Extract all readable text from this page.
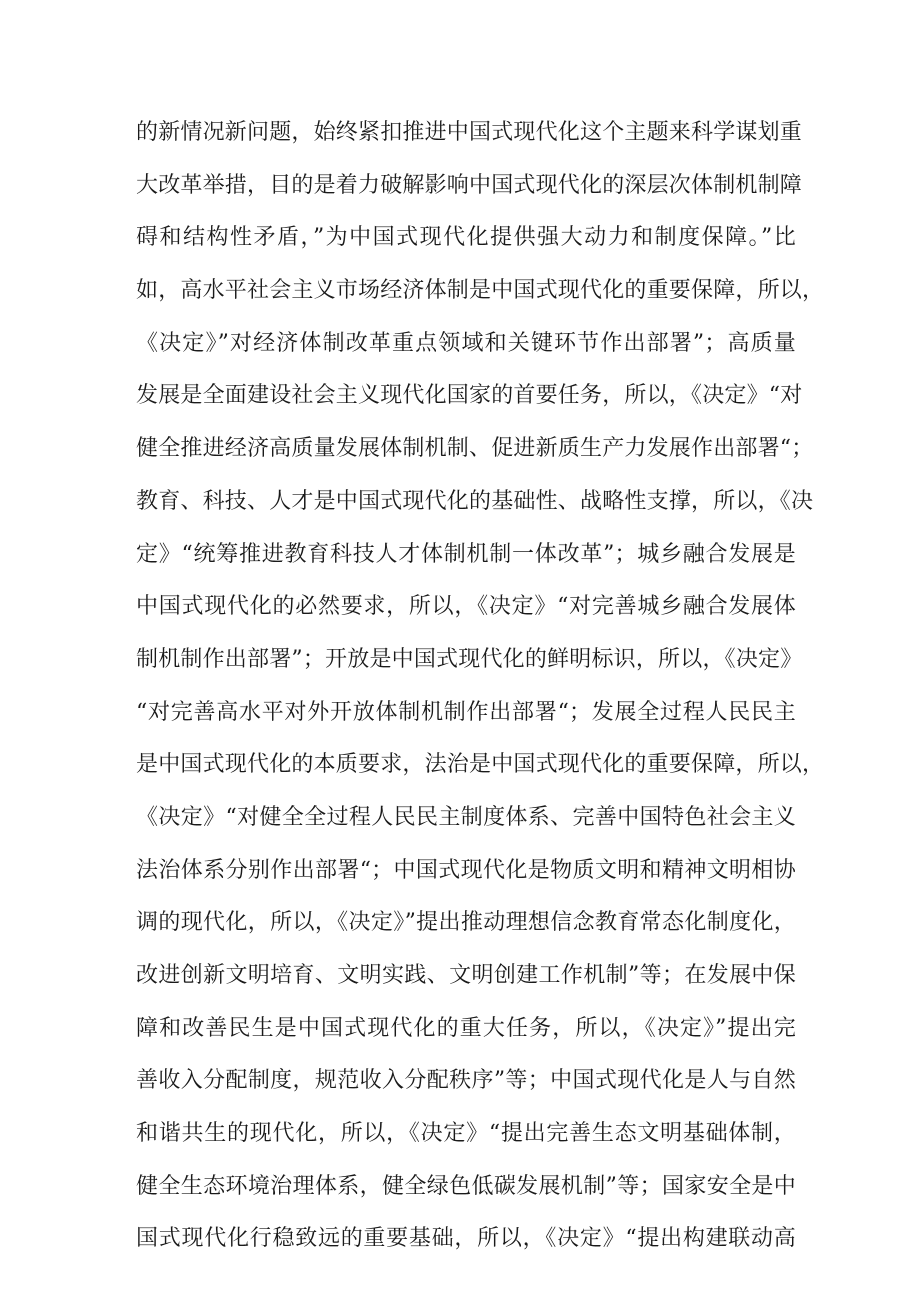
的新情况新问题，始终紧扣推进中国式现代化这个主题来科学谋划重
大改革举措，目的是着力破解影响中国式现代化的深层次体制机制障
碍和结构性矛盾，”为中国式现代化提供强大动力和制度保障。”比
如，高水平社会主义市场经济体制是中国式现代化的重要保障，所以，
《决定》”对经济体制改革重点领域和关键环节作出部署”；高质量
发展是全面建设社会主义现代化国家的首要任务，所以，《决定》“对
健全推进经济高质量发展体制机制、促进新质生产力发展作出部署“；
教育、科技、人才是中国式现代化的基础性、战略性支撑，所以，《决
定》“统筹推进教育科技人才体制机制一体改革”；城乡融合发展是
中国式现代化的必然要求，所以，《决定》“对完善城乡融合发展体
制机制作出部署”；开放是中国式现代化的鲜明标识，所以，《决定》
“对完善高水平对外开放体制机制作出部署“；发展全过程人民民主
是中国式现代化的本质要求，法治是中国式现代化的重要保障，所以，
《决定》“对健全全过程人民民主制度体系、完善中国特色社会主义
法治体系分别作出部署“；中国式现代化是物质文明和精神文明相协
调的现代化，所以，《决定》”提出推动理想信念教育常态化制度化，
改进创新文明培育、文明实践、文明创建工作机制”等；在发展中保
障和改善民生是中国式现代化的重大任务，所以，《决定》”提出完
善收入分配制度，规范收入分配秩序”等；中国式现代化是人与自然
和谐共生的现代化，所以，《决定》“提出完善生态文明基础体制，
健全生态环境治理体系，健全绿色低碳发展机制”等；国家安全是中
国式现代化行稳致远的重要基础，所以，《决定》“提出构建联动高
